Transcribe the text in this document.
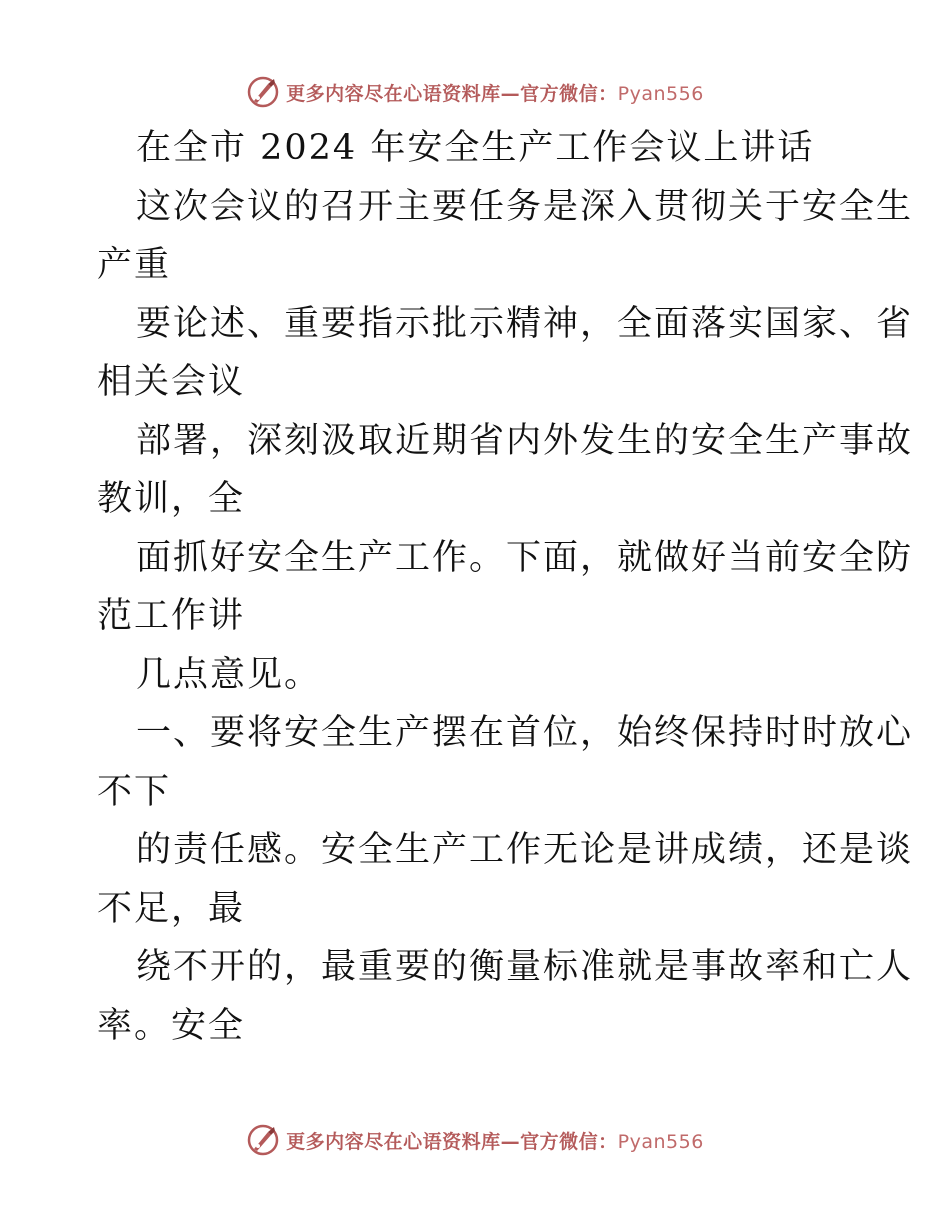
更多内容尽在心语资料库—官方微信：Pyan556
在全市 2024 年安全生产工作会议上讲话
这次会议的召开主要任务是深入贯彻关于安全生
产重
要论述、重要指示批示精神，全面落实国家、省
相关会议
部署，深刻汲取近期省内外发生的安全生产事故
教训，全
面抓好安全生产工作。下面，就做好当前安全防
范工作讲
几点意见。
一、要将安全生产摆在首位，始终保持时时放心
不下
的责任感。安全生产工作无论是讲成绩，还是谈
不足，最
绕不开的，最重要的衡量标准就是事故率和亡人
率。安全
更多内容尽在心语资料库—官方微信：Pyan556
